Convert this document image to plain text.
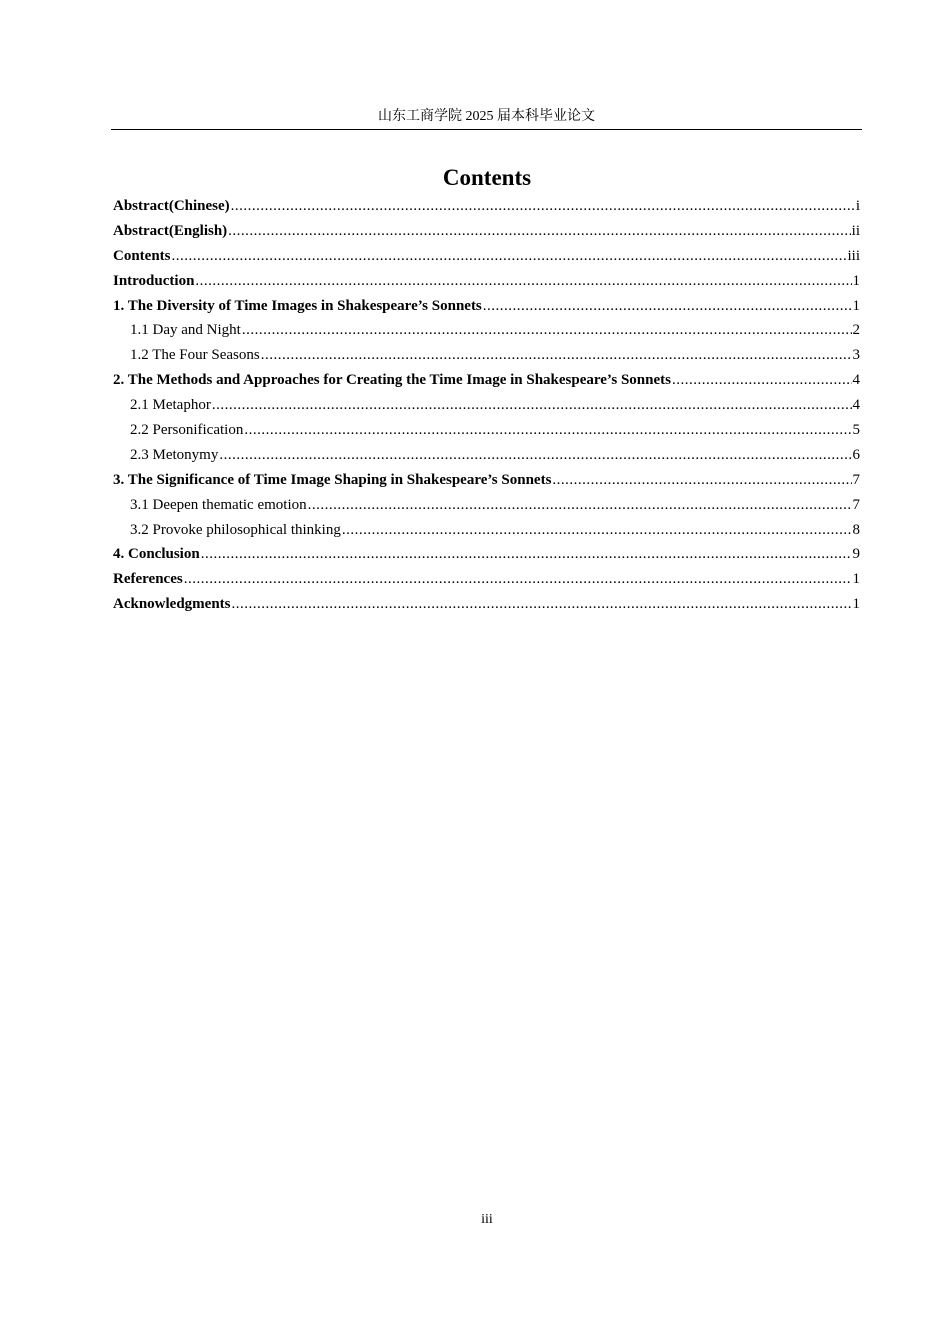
山东工商学院 2025 届本科毕业论文
Contents
Abstract(Chinese) .....	i
Abstract(English) .....	ii
Contents .....	iii
Introduction .....	1
1. The Diversity of Time Images in Shakespeare’s Sonnets .....	1
1.1 Day and Night .....	2
1.2 The Four Seasons .....	3
2. The Methods and Approaches for Creating the Time Image in Shakespeare’s Sonnets .....	4
2.1 Metaphor .....	4
2.2 Personification .....	5
2.3 Metonymy .....	6
3. The Significance of Time Image Shaping in Shakespeare’s Sonnets .....	7
3.1 Deepen thematic emotion .....	7
3.2 Provoke philosophical thinking .....	8
4. Conclusion .....	9
References .....	1
Acknowledgments .....	1
iii
